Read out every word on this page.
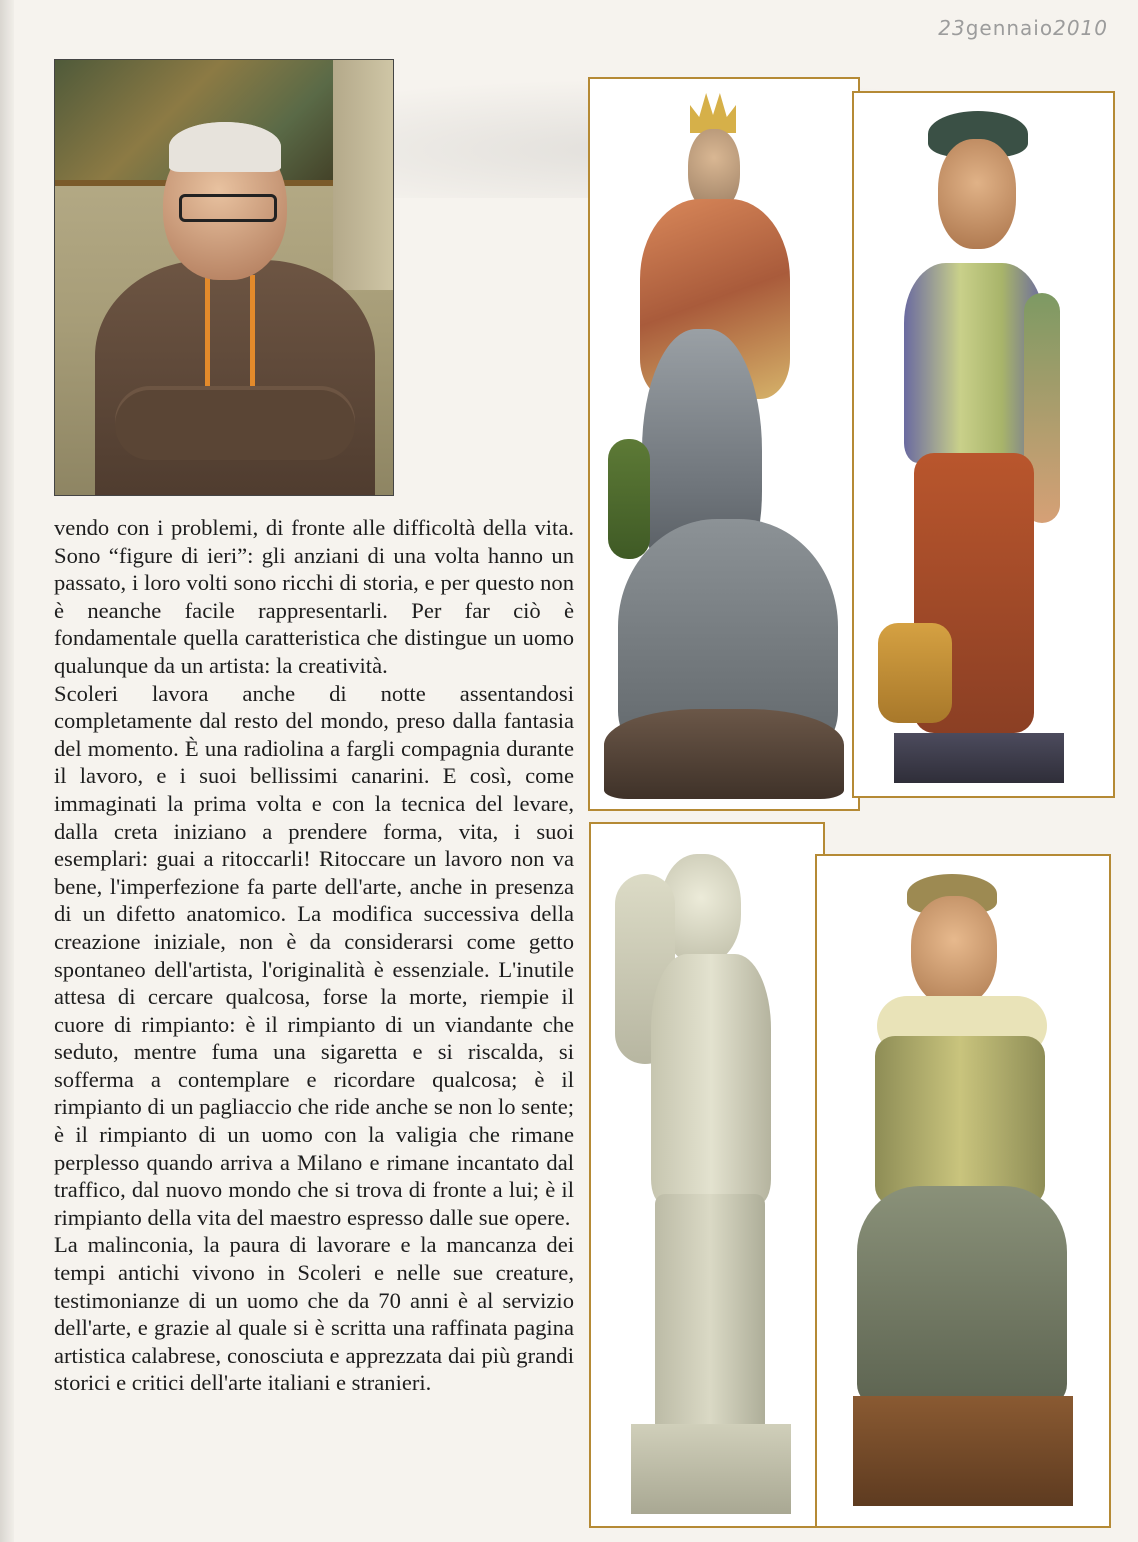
23gennaio2010

vendo con i problemi, di fronte alle difficoltà della vita. Sono “figure di ieri”: gli anziani di una volta hanno un passato, i loro volti sono ricchi di storia, e per questo non è neanche facile rappresentarli. Per far ciò è fondamentale quella caratteristica che distingue un uomo qualunque da un artista: la creatività.

Scoleri lavora anche di notte assentandosi completamente dal resto del mondo, preso dalla fantasia del momento. È una radiolina a fargli compagnia durante il lavoro, e i suoi bellissimi canarini. E così, come immaginati la prima volta e con la tecnica del levare, dalla creta iniziano a prendere forma, vita, i suoi esemplari: guai a ritoccarli! Ritoccare un lavoro non va bene, l'imperfezione fa parte dell'arte, anche in presenza di un difetto anatomico. La modifica successiva della creazione iniziale, non è da considerarsi come getto spontaneo dell'artista, l'originalità è essenziale. L'inutile attesa di cercare qualcosa, forse la morte, riempie il cuore di rimpianto: è il rimpianto di un viandante che seduto, mentre fuma una sigaretta e si riscalda, si sofferma a contemplare e ricordare qualcosa; è il rimpianto di un pagliaccio che ride anche se non lo sente; è il rimpianto di un uomo con la valigia che rimane perplesso quando arriva a Milano e rimane incantato dal traffico, dal nuovo mondo che si trova di fronte a lui; è il rimpianto della vita del maestro espresso dalle sue opere.

La malinconia, la paura di lavorare e la mancanza dei tempi antichi vivono in Scoleri e nelle sue creature, testimonianze di un uomo che da 70 anni è al servizio dell'arte, e grazie al quale si è scritta una raffinata pagina artistica calabrese, conosciuta e apprezzata dai più grandi storici e critici dell'arte italiani e stranieri.
